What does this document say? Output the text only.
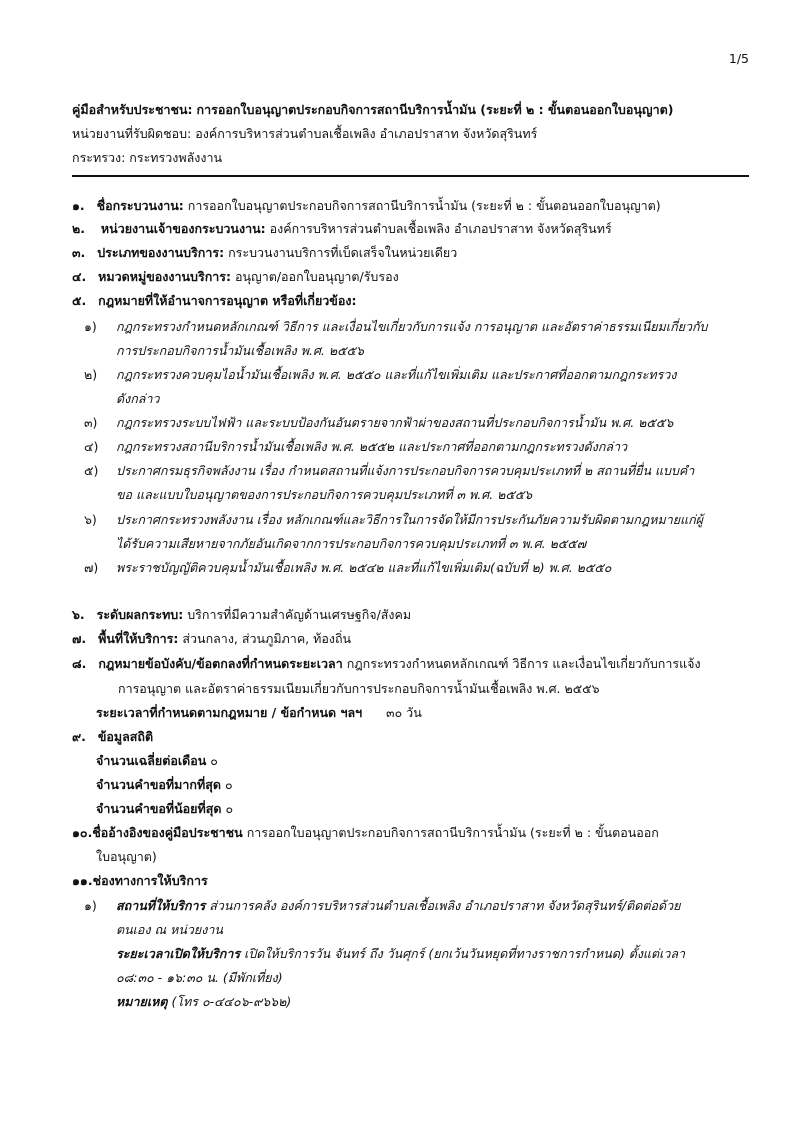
1/5
คู่มือสำหรับประชาชน: การออกใบอนุญาตประกอบกิจการสถานีบริการน้ำมัน (ระยะที่ ๒ : ขั้นตอนออกใบอนุญาต)
หน่วยงานที่รับผิดชอบ: องค์การบริหารส่วนตำบลเชื้อเพลิง อำเภอปราสาท จังหวัดสุรินทร์
กระทรวง: กระทรวงพลังงาน
๑. ชื่อกระบวนงาน: การออกใบอนุญาตประกอบกิจการสถานีบริการน้ำมัน (ระยะที่ ๒ : ขั้นตอนออกใบอนุญาต)
๒. หน่วยงานเจ้าของกระบวนงาน: องค์การบริหารส่วนตำบลเชื้อเพลิง อำเภอปราสาท จังหวัดสุรินทร์
๓. ประเภทของงานบริการ: กระบวนงานบริการที่เบ็ดเสร็จในหน่วยเดียว
๔. หมวดหมู่ของงานบริการ: อนุญาต/ออกใบอนุญาต/รับรอง
๕. กฎหมายที่ให้อำนาจการอนุญาต หรือที่เกี่ยวข้อง:
๑) กฎกระทรวงกำหนดหลักเกณฑ์ วิธีการ และเงื่อนไขเกี่ยวกับการแจ้ง การอนุญาต และอัตราค่าธรรมเนียมเกี่ยวกับ
การประกอบกิจการน้ำมันเชื้อเพลิง พ.ศ. ๒๕๕๖
๒) กฎกระทรวงควบคุมไอน้ำมันเชื้อเพลิง พ.ศ. ๒๕๕๐ และที่แก้ไขเพิ่มเติม และประกาศที่ออกตามกฎกระทรวง
ดังกล่าว
๓) กฎกระทรวงระบบไฟฟ้า และระบบป้องกันอันตรายจากฟ้าผ่าของสถานที่ประกอบกิจการน้ำมัน พ.ศ. ๒๕๕๖
๔) กฎกระทรวงสถานีบริการน้ำมันเชื้อเพลิง พ.ศ. ๒๕๕๒ และประกาศที่ออกตามกฎกระทรวงดังกล่าว
๕) ประกาศกรมธุรกิจพลังงาน เรื่อง กำหนดสถานที่แจ้งการประกอบกิจการควบคุมประเภทที่ ๒ สถานที่ยื่น แบบคำ
ขอ และแบบใบอนุญาตของการประกอบกิจการควบคุมประเภทที่ ๓ พ.ศ. ๒๕๕๖
๖) ประกาศกระทรวงพลังงาน เรื่อง หลักเกณฑ์และวิธีการในการจัดให้มีการประกันภัยความรับผิดตามกฎหมายแก่ผู้
ได้รับความเสียหายจากภัยอันเกิดจากการประกอบกิจการควบคุมประเภทที่ ๓ พ.ศ. ๒๕๕๗
๗) พระราชบัญญัติควบคุมน้ำมันเชื้อเพลิง พ.ศ. ๒๕๔๒ และที่แก้ไขเพิ่มเติม(ฉบับที่ ๒) พ.ศ. ๒๕๕๐
๖. ระดับผลกระทบ: บริการที่มีความสำคัญด้านเศรษฐกิจ/สังคม
๗. พื้นที่ให้บริการ: ส่วนกลาง, ส่วนภูมิภาค, ท้องถิ่น
๘. กฎหมายข้อบังคับ/ข้อตกลงที่กำหนดระยะเวลา กฎกระทรวงกำหนดหลักเกณฑ์ วิธีการ และเงื่อนไขเกี่ยวกับการแจ้ง
การอนุญาต และอัตราค่าธรรมเนียมเกี่ยวกับการประกอบกิจการน้ำมันเชื้อเพลิง พ.ศ. ๒๕๕๖
ระยะเวลาที่กำหนดตามกฎหมาย / ข้อกำหนด ฯลฯ ๓๐ วัน
๙. ข้อมูลสถิติ
จำนวนเฉลี่ยต่อเดือน ๐
จำนวนคำขอที่มากที่สุด ๐
จำนวนคำขอที่น้อยที่สุด ๐
๑๐.ชื่ออ้างอิงของคู่มือประชาชน การออกใบอนุญาตประกอบกิจการสถานีบริการน้ำมัน (ระยะที่ ๒ : ขั้นตอนออก
ใบอนุญาต)
๑๑.ช่องทางการให้บริการ
๑) สถานที่ให้บริการ ส่วนการคลัง องค์การบริหารส่วนตำบลเชื้อเพลิง อำเภอปราสาท จังหวัดสุรินทร์/ติดต่อด้วย
ตนเอง ณ หน่วยงาน
ระยะเวลาเปิดให้บริการ เปิดให้บริการวัน จันทร์ ถึง วันศุกร์ (ยกเว้นวันหยุดที่ทางราชการกำหนด) ตั้งแต่เวลา
๐๘:๓๐ - ๑๖:๓๐ น. (มีพักเที่ยง)
หมายเหตุ (โทร ๐-๔๔๐๖-๙๖๖๒)
